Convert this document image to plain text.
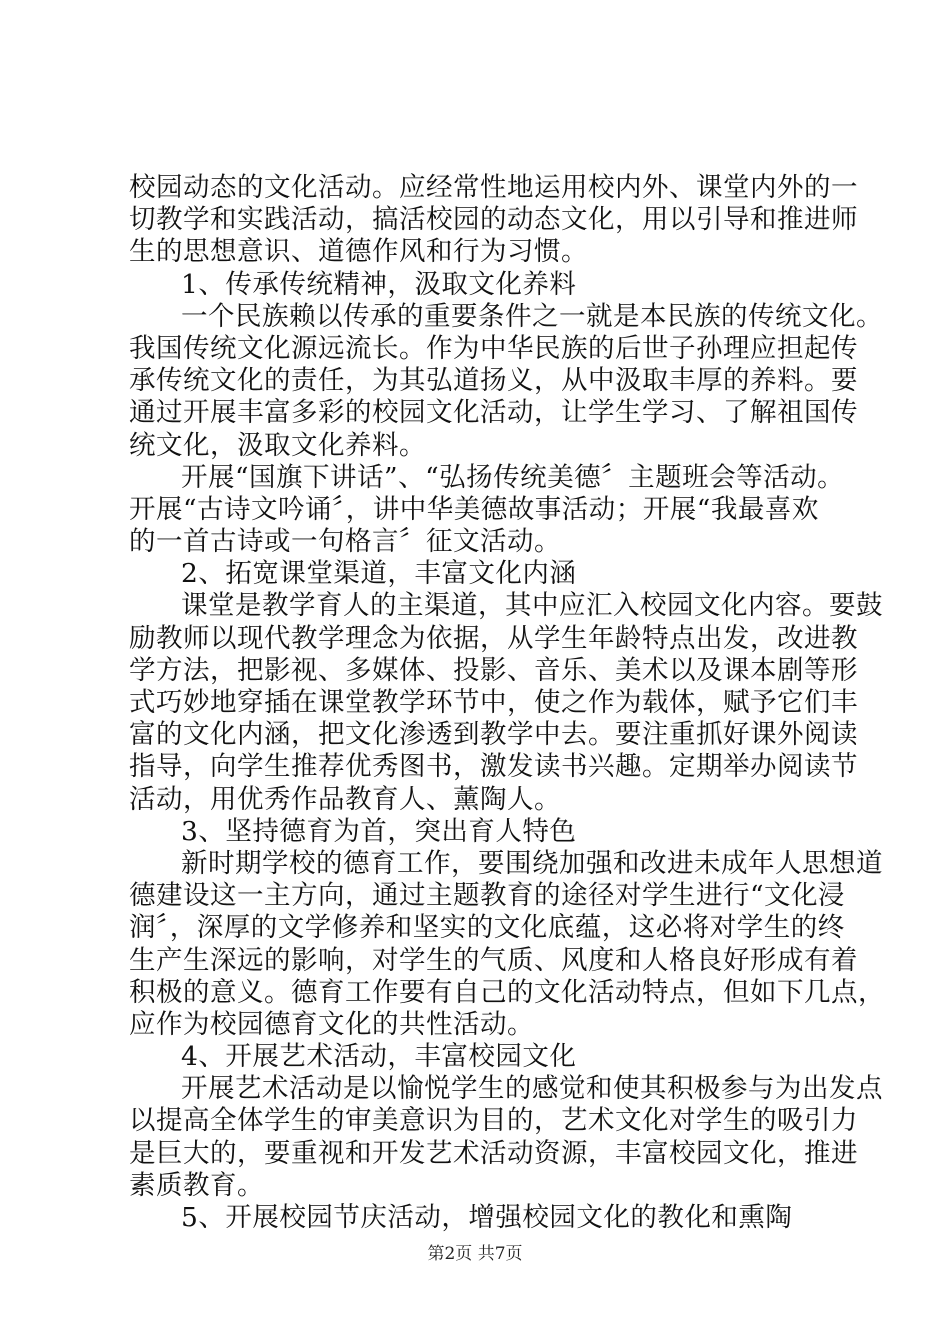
校园动态的文化活动。应经常性地运用校内外、课堂内外的一
切教学和实践活动，搞活校园的动态文化，用以引导和推进师
生的思想意识、道德作风和行为习惯。
1、传承传统精神，汲取文化养料
一个民族赖以传承的重要条件之一就是本民族的传统文化。
我国传统文化源远流长。作为中华民族的后世子孙理应担起传
承传统文化的责任，为其弘道扬义，从中汲取丰厚的养料。要
通过开展丰富多彩的校园文化活动，让学生学习、了解祖国传
统文化，汲取文化养料。
开展“国旗下讲话”、“弘扬传统美德〞主题班会等活动。
开展“古诗文吟诵〞，讲中华美德故事活动；开展“我最喜欢
的一首古诗或一句格言〞征文活动。
2、拓宽课堂渠道，丰富文化内涵
课堂是教学育人的主渠道，其中应汇入校园文化内容。要鼓
励教师以现代教学理念为依据，从学生年龄特点出发，改进教
学方法，把影视、多媒体、投影、音乐、美术以及课本剧等形
式巧妙地穿插在课堂教学环节中，使之作为载体，赋予它们丰
富的文化内涵，把文化渗透到教学中去。要注重抓好课外阅读
指导，向学生推荐优秀图书，激发读书兴趣。定期举办阅读节
活动，用优秀作品教育人、薰陶人。
3、坚持德育为首，突出育人特色
新时期学校的德育工作，要围绕加强和改进未成年人思想道
德建设这一主方向，通过主题教育的途径对学生进行“文化浸
润〞，深厚的文学修养和坚实的文化底蕴，这必将对学生的终
生产生深远的影响，对学生的气质、风度和人格良好形成有着
积极的意义。德育工作要有自己的文化活动特点，但如下几点，
应作为校园德育文化的共性活动。
4、开展艺术活动，丰富校园文化
开展艺术活动是以愉悦学生的感觉和使其积极参与为出发点
以提高全体学生的审美意识为目的，艺术文化对学生的吸引力
是巨大的，要重视和开发艺术活动资源，丰富校园文化，推进
素质教育。
5、开展校园节庆活动，增强校园文化的教化和熏陶
第2页 共7页
